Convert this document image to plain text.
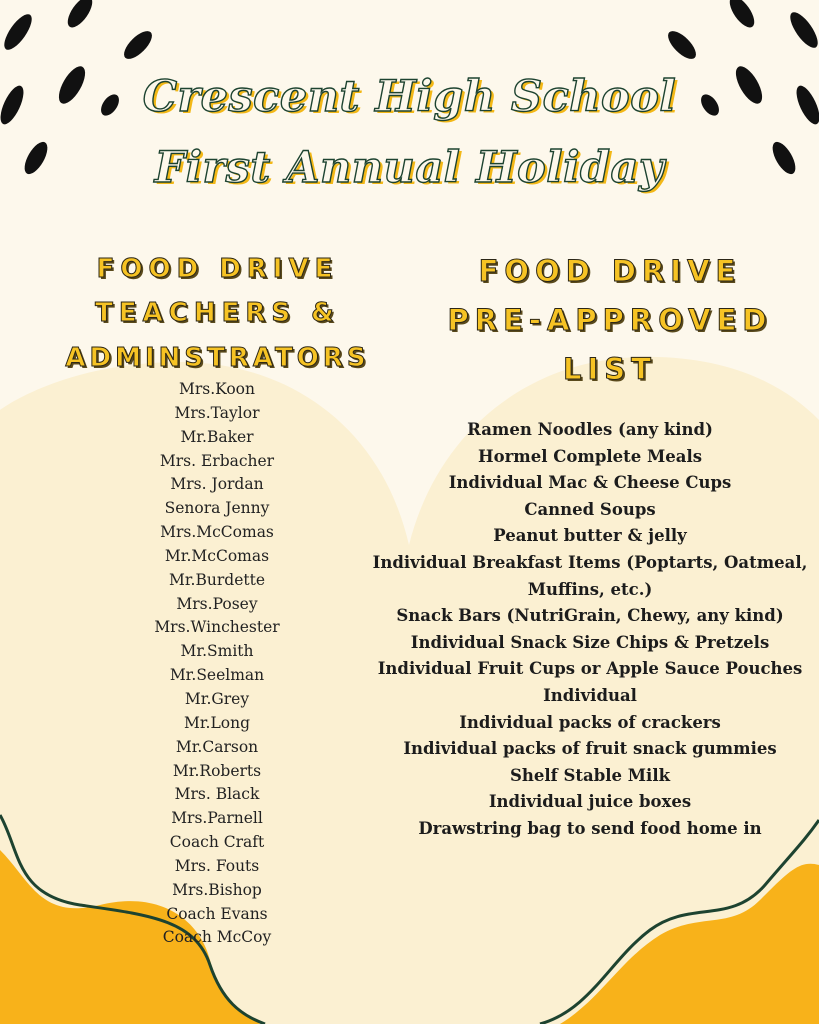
Crescent High School
First Annual Holiday
FOOD DRIVE
TEACHERS &
ADMINSTRATORS
FOOD DRIVE
PRE-APPROVED
LIST
Mrs.Koon
Mrs.Taylor
Mr.Baker
Mrs. Erbacher
Mrs. Jordan
Senora Jenny
Mrs.McComas
Mr.McComas
Mr.Burdette
Mrs.Posey
Mrs.Winchester
Mr.Smith
Mr.Seelman
Mr.Grey
Mr.Long
Mr.Carson
Mr.Roberts
Mrs. Black
Mrs.Parnell
Coach Craft
Mrs. Fouts
Mrs.Bishop
Coach Evans
Coach McCoy
Ramen Noodles (any kind)
Hormel Complete Meals
Individual Mac & Cheese Cups
Canned Soups
Peanut butter & jelly
Individual Breakfast Items (Poptarts, Oatmeal, Muffins, etc.)
Snack Bars (NutriGrain, Chewy, any kind)
Individual Snack Size Chips & Pretzels
Individual Fruit Cups or Apple Sauce Pouches
Individual
Individual packs of crackers
Individual packs of fruit snack gummies
Shelf Stable Milk
Individual juice boxes
Drawstring bag to send food home in
